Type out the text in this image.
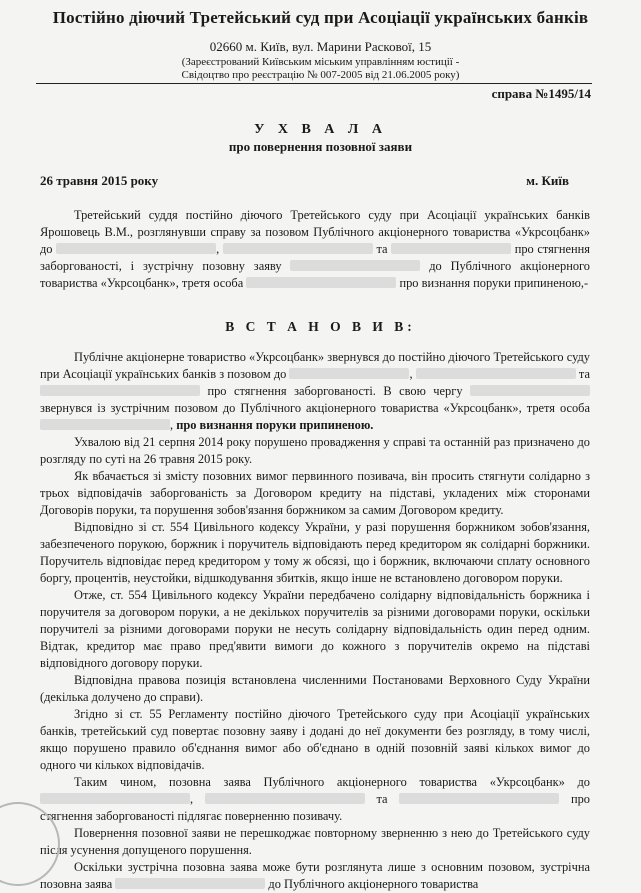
Постійно діючий Третейський суд при Асоціації українських банків
02660 м. Київ, вул. Марини Раскової, 15
(Зареєстрований Київським міським управлінням юстиції -
Свідоцтво про реєстрацію № 007-2005 від 21.06.2005 року)
справа №1495/14
У Х В А Л А
про повернення позовної заяви
26 травня 2015 року	м. Київ

Третейський суддя постійно діючого Третейського суду при Асоціації українських банків Ярошовець В.М., розглянувши справу за позовом Публічного акціонерного товариства «Укрсоцбанк» до	,	та	про стягнення заборгованості, і зустрічну позовну заяву	до Публічного акціонерного товариства «Укрсоцбанк», третя особа	про визнання поруки припиненою,-

В С Т А Н О В И В:

Публічне акціонерне товариство «Укрсоцбанк» звернувся до постійно діючого Третейського суду при Асоціації українських банків з позовом до	,	та  про стягнення заборгованості. В свою чергу  звернувся із зустрічним позовом до Публічного акціонерного товариства «Укрсоцбанк», третя особа , про визнання поруки припиненою.

Ухвалою від 21 серпня 2014 року порушено провадження у справі та останній раз призначено до розгляду по суті на 26 травня 2015 року.

Як вбачається зі змісту позовних вимог первинного позивача, він просить стягнути солідарно з трьох відповідачів заборгованість за Договором кредиту на підставі, укладених між сторонами Договорів поруки, та порушення зобов'язання боржником за самим Договором кредиту.

Відповідно зі ст. 554 Цивільного кодексу України, у разі порушення боржником зобов'язання, забезпеченого порукою, боржник і поручитель відповідають перед кредитором як солідарні боржники. Поручитель відповідає перед кредитором у тому ж обсязі, що і боржник, включаючи сплату основного боргу, процентів, неустойки, відшкодування збитків, якщо інше не встановлено договором поруки.

Отже, ст. 554 Цивільного кодексу України передбачено солідарну відповідальність боржника і поручителя за договором поруки, а не декількох поручителів за різними договорами поруки, оскільки поручителі за різними договорами поруки не несуть солідарну відповідальність один перед одним. Відтак, кредитор має право пред'явити вимоги до кожного з поручителів окремо на підставі відповідного договору поруки.

Відповідна правова позиція встановлена численними Постановами Верховного Суду України (декілька долучено до справи).

Згідно зі ст. 55 Регламенту постійно діючого Третейського суду при Асоціації українських банків, третейський суд повертає позовну заяву і додані до неї документи без розгляду, в тому числі, якщо порушено правило об'єднання вимог або об'єднано в одній позовній заяві кількох вимог до одного чи кількох відповідачів.

Таким чином, позовна заява Публічного акціонерного товариства «Укрсоцбанк» до ,	та	про стягнення заборгованості підлягає поверненню позивачу.

Повернення позовної заяви не перешкоджає повторному зверненню з нею до Третейського суду після усунення допущеного порушення.

Оскільки зустрічна позовна заява може бути розглянута лише з основним позовом, зустрічна позовна заява	до Публічного акціонерного товариства
